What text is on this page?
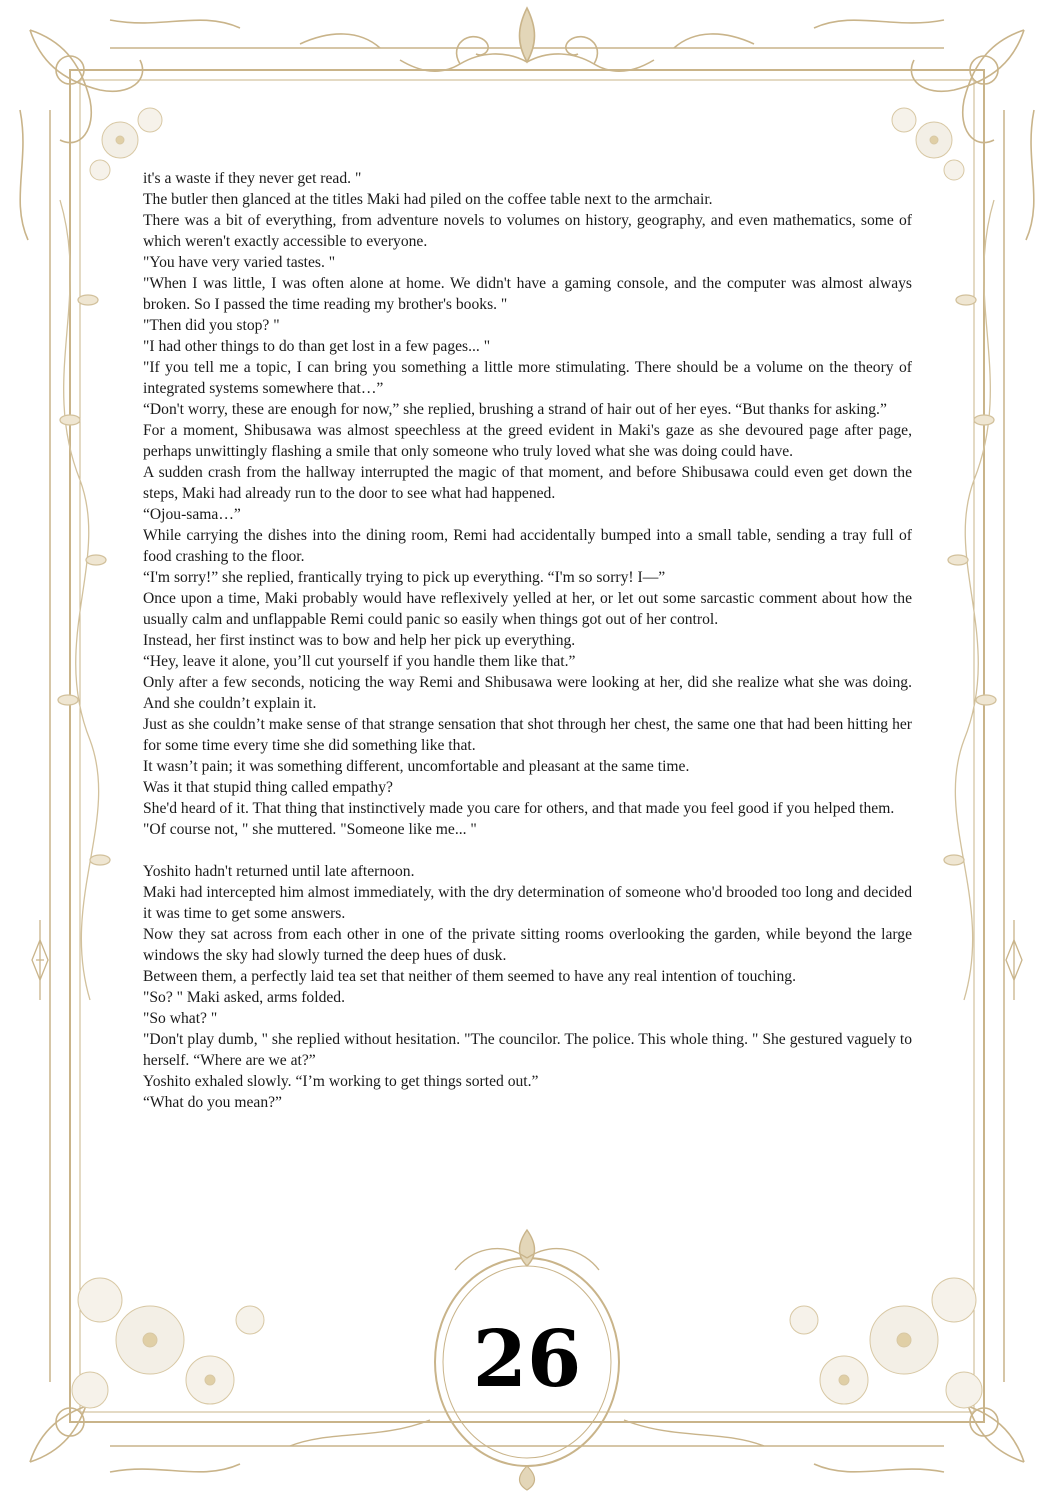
it's a waste if they never get read. "

The butler then glanced at the titles Maki had piled on the coffee table next to the armchair.

There was a bit of everything, from adventure novels to volumes on history, geography, and even mathematics, some of which weren't exactly accessible to everyone.

"You have very varied tastes. "

"When I was little, I was often alone at home. We didn't have a gaming console, and the computer was almost always broken. So I passed the time reading my brother's books. "

"Then did you stop? "

"I had other things to do than get lost in a few pages... "

"If you tell me a topic, I can bring you something a little more stimulating. There should be a volume on the theory of integrated systems somewhere that…”

“Don't worry, these are enough for now,” she replied, brushing a strand of hair out of her eyes. “But thanks for asking.”

For a moment, Shibusawa was almost speechless at the greed evident in Maki's gaze as she devoured page after page, perhaps unwittingly flashing a smile that only someone who truly loved what she was doing could have.

A sudden crash from the hallway interrupted the magic of that moment, and before Shibusawa could even get down the steps, Maki had already run to the door to see what had happened.

“Ojou-sama…”

While carrying the dishes into the dining room, Remi had accidentally bumped into a small table, sending a tray full of food crashing to the floor.

“I'm sorry!” she replied, frantically trying to pick up everything. “I'm so sorry! I—”

Once upon a time, Maki probably would have reflexively yelled at her, or let out some sarcastic comment about how the usually calm and unflappable Remi could panic so easily when things got out of her control.

Instead, her first instinct was to bow and help her pick up everything.

“Hey, leave it alone, you’ll cut yourself if you handle them like that.”

Only after a few seconds, noticing the way Remi and Shibusawa were looking at her, did she realize what she was doing. And she couldn’t explain it.

Just as she couldn’t make sense of that strange sensation that shot through her chest, the same one that had been hitting her for some time every time she did something like that.

It wasn’t pain; it was something different, uncomfortable and pleasant at the same time.

Was it that stupid thing called empathy?

She'd heard of it. That thing that instinctively made you care for others, and that made you feel good if you helped them.

"Of course not, " she muttered. "Someone like me... "

Yoshito hadn't returned until late afternoon.

Maki had intercepted him almost immediately, with the dry determination of someone who'd brooded too long and decided it was time to get some answers.

Now they sat across from each other in one of the private sitting rooms overlooking the garden, while beyond the large windows the sky had slowly turned the deep hues of dusk.

Between them, a perfectly laid tea set that neither of them seemed to have any real intention of touching.

"So? " Maki asked, arms folded.

"So what? "

"Don't play dumb, " she replied without hesitation. "The councilor. The police. This whole thing. " She gestured vaguely to herself. “Where are we at?”

Yoshito exhaled slowly. “I’m working to get things sorted out.”

“What do you mean?”

26
